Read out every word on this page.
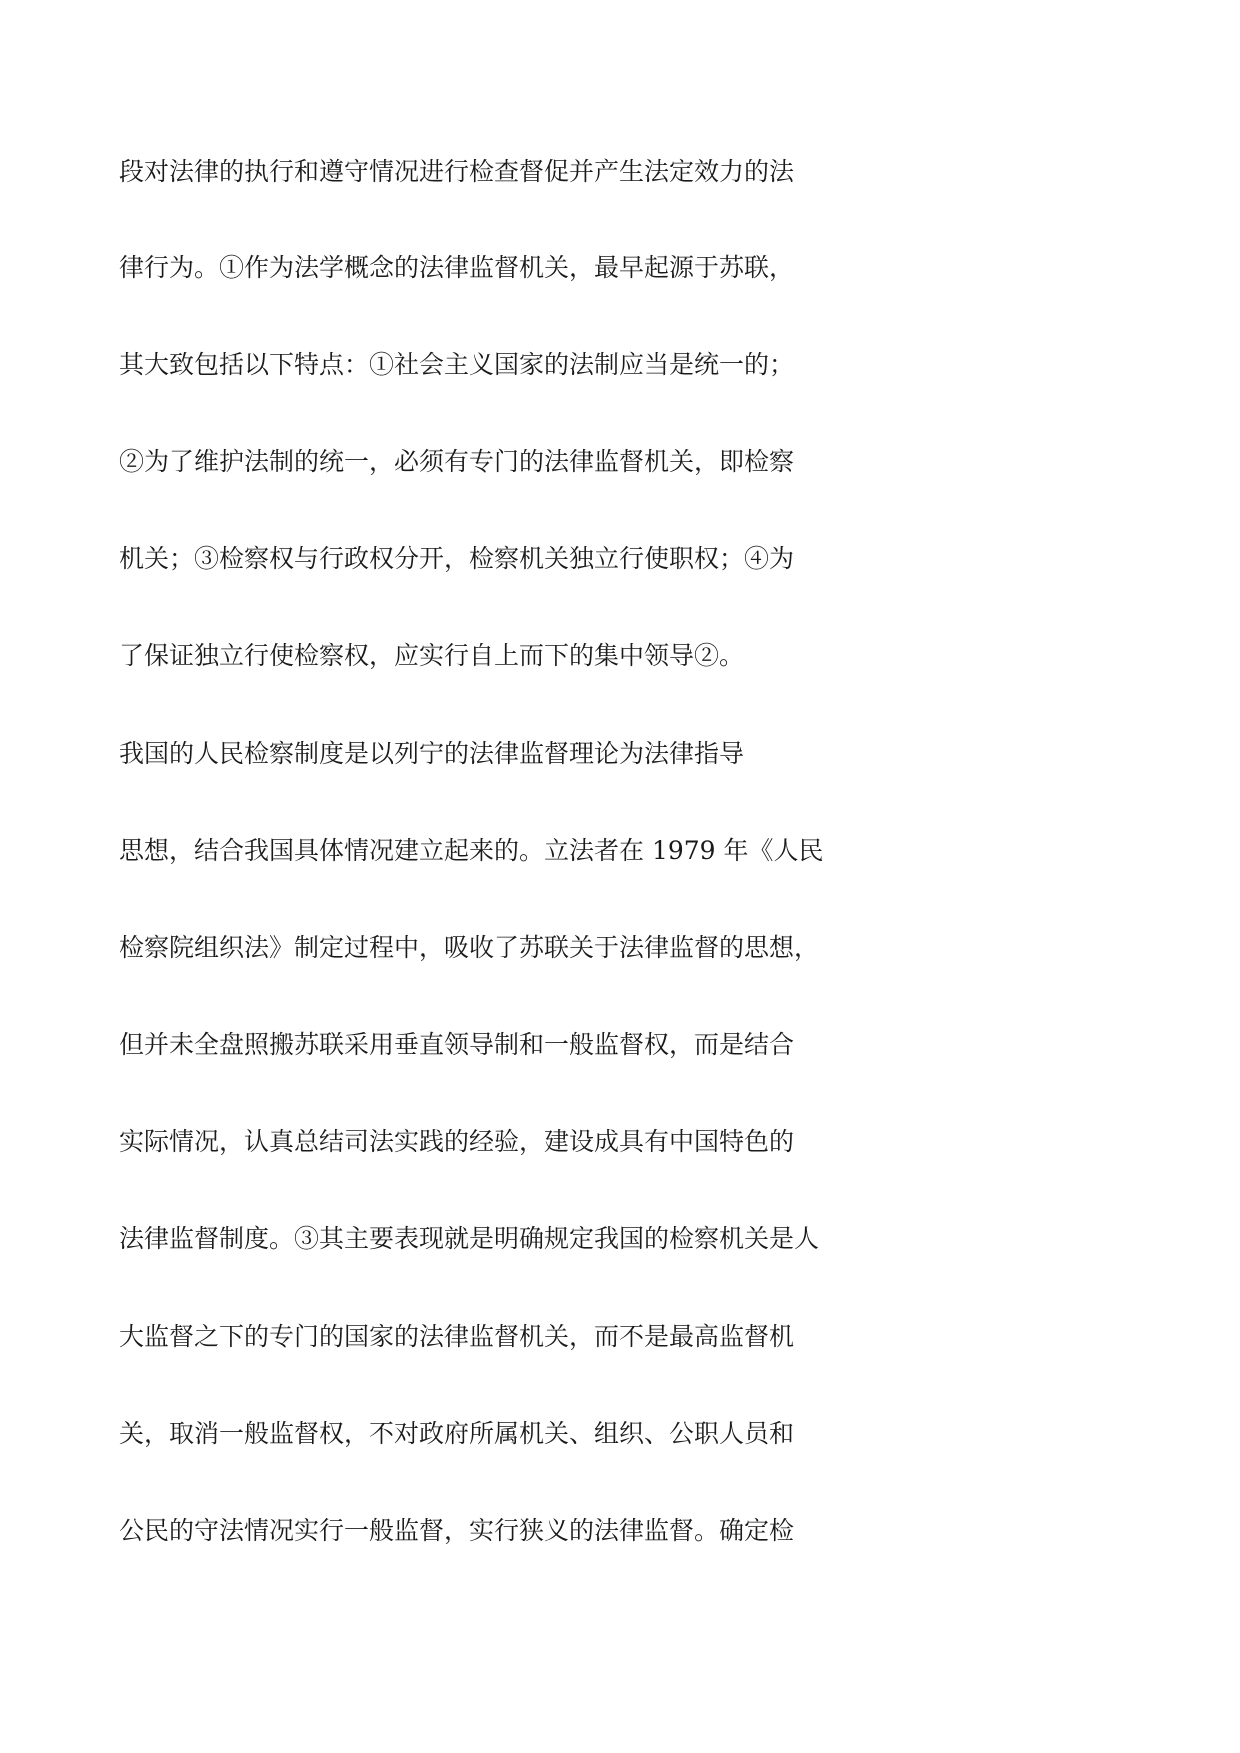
段对法律的执行和遵守情况进行检查督促并产生法定效力的法

律行为。①作为法学概念的法律监督机关，最早起源于苏联，

其大致包括以下特点：①社会主义国家的法制应当是统一的；

②为了维护法制的统一，必须有专门的法律监督机关，即检察

机关；③检察权与行政权分开，检察机关独立行使职权；④为

了保证独立行使检察权，应实行自上而下的集中领导②。

我国的人民检察制度是以列宁的法律监督理论为法律指导

思想，结合我国具体情况建立起来的。立法者在 1979 年《人民

检察院组织法》制定过程中，吸收了苏联关于法律监督的思想，

但并未全盘照搬苏联采用垂直领导制和一般监督权，而是结合

实际情况，认真总结司法实践的经验，建设成具有中国特色的

法律监督制度。③其主要表现就是明确规定我国的检察机关是人

大监督之下的专门的国家的法律监督机关，而不是最高监督机

关，取消一般监督权，不对政府所属机关、组织、公职人员和

公民的守法情况实行一般监督，实行狭义的法律监督。确定检
